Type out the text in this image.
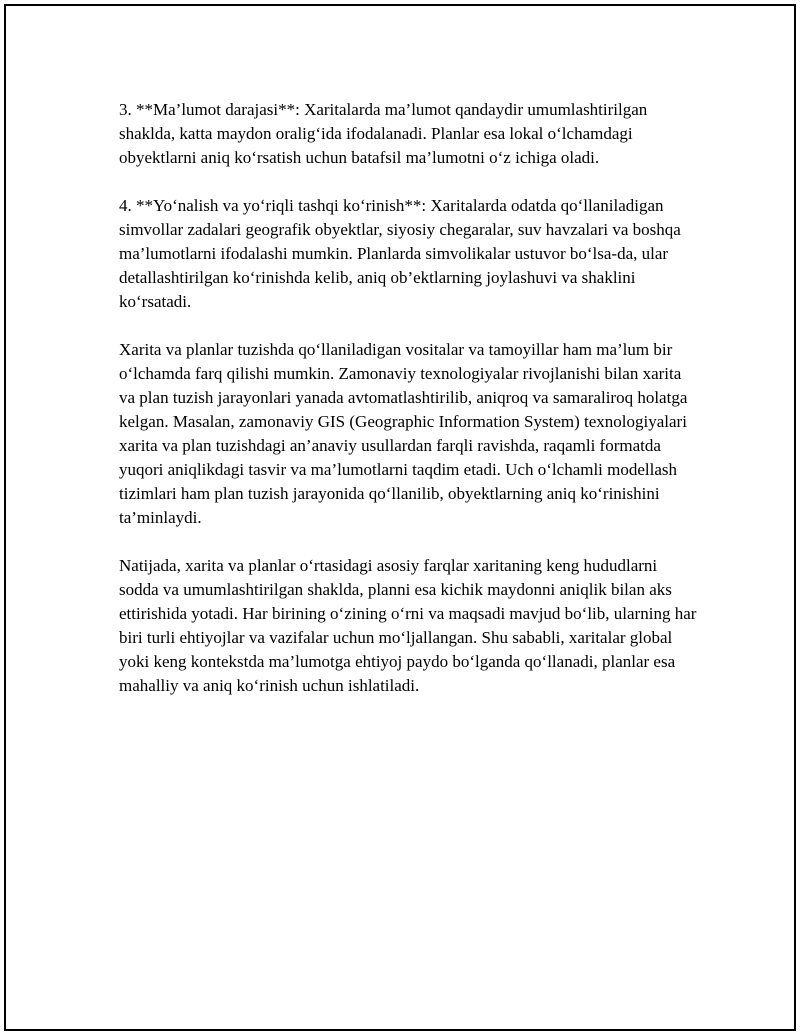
3. **Ma’lumot darajasi**: Xaritalarda ma’lumot qandaydir umumlashtirilgan shaklda, katta maydon oralig‘ida ifodalanadi. Planlar esa lokal o‘lchamdagi obyektlarni aniq ko‘rsatish uchun batafsil ma’lumotni o‘z ichiga oladi.

4. **Yo‘nalish va yo‘riqli tashqi ko‘rinish**: Xaritalarda odatda qo‘llaniladigan simvollar zadalari geografik obyektlar, siyosiy chegaralar, suv havzalari va boshqa ma’lumotlarni ifodalashi mumkin. Planlarda simvolikalar ustuvor bo‘lsa-da, ular detallashtirilgan ko‘rinishda kelib, aniq ob’ektlarning joylashuvi va shaklini ko‘rsatadi.

Xarita va planlar tuzishda qo‘llaniladigan vositalar va tamoyillar ham ma’lum bir o‘lchamda farq qilishi mumkin. Zamonaviy texnologiyalar rivojlanishi bilan xarita va plan tuzish jarayonlari yanada avtomatlashtirilib, aniqroq va samaraliroq holatga kelgan. Masalan, zamonaviy GIS (Geographic Information System) texnologiyalari xarita va plan tuzishdagi an’anaviy usullardan farqli ravishda, raqamli formatda yuqori aniqlikdagi tasvir va ma’lumotlarni taqdim etadi. Uch o‘lchamli modellash tizimlari ham plan tuzish jarayonida qo‘llanilib, obyektlarning aniq ko‘rinishini ta’minlaydi.

Natijada, xarita va planlar o‘rtasidagi asosiy farqlar xaritaning keng hududlarni sodda va umumlashtirilgan shaklda, planni esa kichik maydonni aniqlik bilan aks ettirishida yotadi. Har birining o‘zining o‘rni va maqsadi mavjud bo‘lib, ularning har biri turli ehtiyojlar va vazifalar uchun mo‘ljallangan. Shu sababli, xaritalar global yoki keng kontekstda ma’lumotga ehtiyoj paydo bo‘lganda qo‘llanadi, planlar esa mahalliy va aniq ko‘rinish uchun ishlatiladi.
